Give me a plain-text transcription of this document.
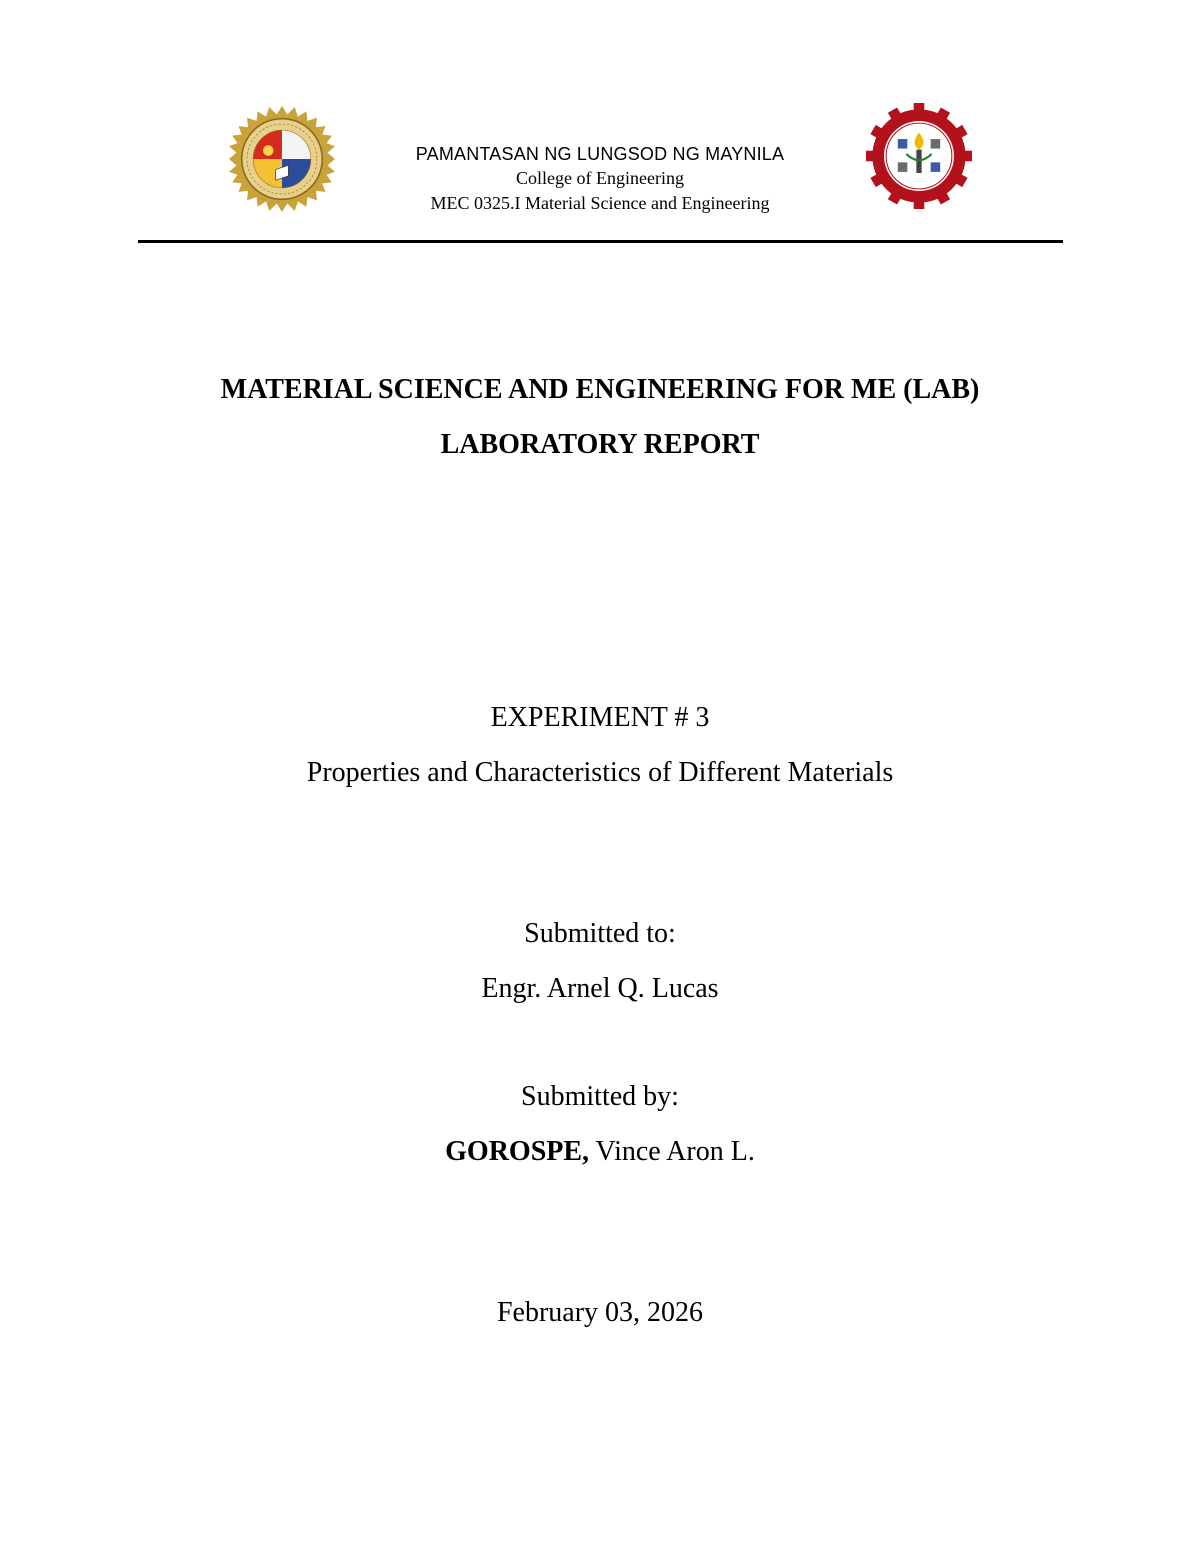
PAMANTASAN NG LUNGSOD NG MAYNILA
College of Engineering
MEC 0325.I Material Science and Engineering
MATERIAL SCIENCE AND ENGINEERING FOR ME (LAB)
LABORATORY REPORT
EXPERIMENT # 3
Properties and Characteristics of Different Materials
Submitted to:
Engr. Arnel Q. Lucas
Submitted by:
GOROSPE, Vince Aron L.
February 03, 2026
